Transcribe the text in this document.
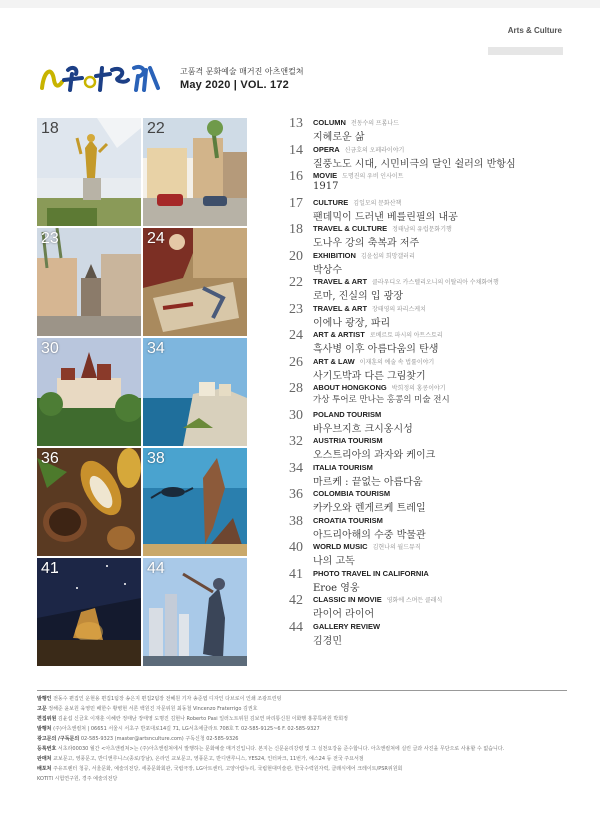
Arts & Culture
고품격 문화예술 매거진 아츠앤컬쳐
May 2020 | VOL. 172
18	22
23	24
30	34
36	38
41	44
13	COLUMN 전동수의 프롬나드
지혜로운 삶
14	OPERA 신금호의 오페라이야기
질풍노도 시대, 시민비극의 달인 쉴러의 반항심
16	MOVIE 도명진의 우비 인사이트
1917
17	CULTURE 김일모의 문화산책
팬데믹이 드러낸 베를린필의 내공
18	TRAVEL & CULTURE 정태남의 유럽문화기행
도나우 강의 축복과 저주
20	EXHIBITION 김윤섭의 희망갤러리
박상수
22	TRAVEL & ART 클라우디오 카스텔리오니의 이탈리아 수채화여행
로마, 진실의 입 광장
23	TRAVEL & ART 장태영의 파리스케치
이에나 광장, 파리
24	ART & ARTIST 로베르토 파시의 아트스토리
흑사병 이후 아름다움의 탄생
26	ART & LAW 이재훈의 예술 속 법률이야기
사기도박과 다른 그림찾기
28	ABOUT HONGKONG 박희정의 홍콩이야기
가상 투어로 만나는 홍콩의 미술 전시
30	POLAND TOURISM
바우브지흐 크시옹시성
32	AUSTRIA TOURISM
오스트리아의 과자와 케이크
34	ITALIA TOURISM
마르케 : 끝없는 아름다움
36	COLOMBIA TOURISM
카카오와 렌게르케 트레일
38	CROATIA TOURISM
아드리아해의 수중 박물관
40	WORLD MUSIC 김현나의 월드뮤직
나의 고독
41	PHOTO TRAVEL IN CALIFORNIA
Eroe 영웅
42	CLASSIC IN MOVIE 영화에 스며든 클래식
라이어 라이어
44	GALLERY REVIEW
김경민
발행인 전동수 편집인 운현용 편집1팀장 송은지 편집2팀장 전혜원 기자 송준엽 디자인 다브로이 인쇄 조광프린팅
고문 정해준 윤보원 육영민 배한수 황병현 서론 백원진 자문위원 최동철 Vincenzo Fraterrigo 김권호
편집위원 김윤섭 신금호 이재훈 이혜란 정태남 장태영 도명진 김현나 Roberto Pasi 일러노트위원 김보연 파리통신원 이화행 홍콩특파원 박희정
발행처 (주)아츠앤컬쳐 | 06651 서울시 서초구 반포대로14길 71, LG서초에클라트 708호 T. 02-585-9125~6 F. 02-585-9327
광고문의 /구독문의 02-585-9323 (master@artsnculture.com) 구독신청 02-585-9326
등록번호 서초라00030 월간 <아츠앤컬쳐>는 (주)아츠앤컬쳐에서 발행하는 문화예술 매거진입니다. 본지는 신문윤리강령 및 그 실천요강을 준수합니다. 아츠앤컬쳐에 실린 글과 사진을 무단으로 사용할 수 없습니다.
판매처 교보문고, 영풍문고, 반디앤루니스(종로/강남), 온라인 교보문고, 영풍문고, 반디앤루니스, YES24, 인터파크, 11번가, 예스24 등 전국 주요서점
배포처 주유프렌터 청공, 서울문화, 예술의전당, 세종문화회관, 국립극장, LG아트센터, 고양아람누리, 국립현대미술관, 한국수력원자력, 클래식에어 크레이트/PSR위원회
KOTITI 시험연구원, 경주 예술의전당
